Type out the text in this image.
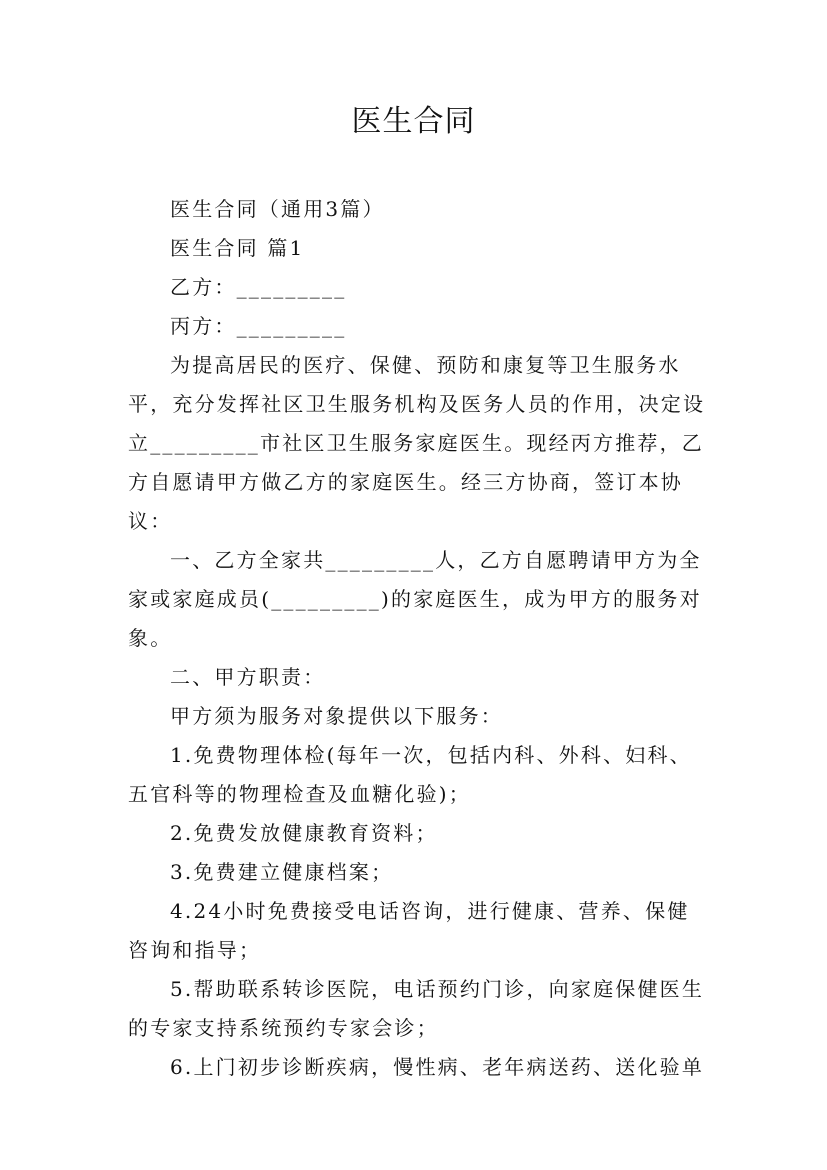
医生合同

医生合同（通用3篇）

医生合同 篇1

乙方：_________

丙方：_________

为提高居民的医疗、保健、预防和康复等卫生服务水平，充分发挥社区卫生服务机构及医务人员的作用，决定设立_________市社区卫生服务家庭医生。现经丙方推荐，乙方自愿请甲方做乙方的家庭医生。经三方协商，签订本协议：

一、乙方全家共_________人，乙方自愿聘请甲方为全家或家庭成员(_________)的家庭医生，成为甲方的服务对象。

二、甲方职责：

甲方须为服务对象提供以下服务：

1.免费物理体检(每年一次，包括内科、外科、妇科、五官科等的物理检查及血糖化验)；

2.免费发放健康教育资料；

3.免费建立健康档案；

4.24小时免费接受电话咨询，进行健康、营养、保健咨询和指导；

5.帮助联系转诊医院，电话预约门诊，向家庭保健医生的专家支持系统预约专家会诊；

6.上门初步诊断疾病，慢性病、老年病送药、送化验单
